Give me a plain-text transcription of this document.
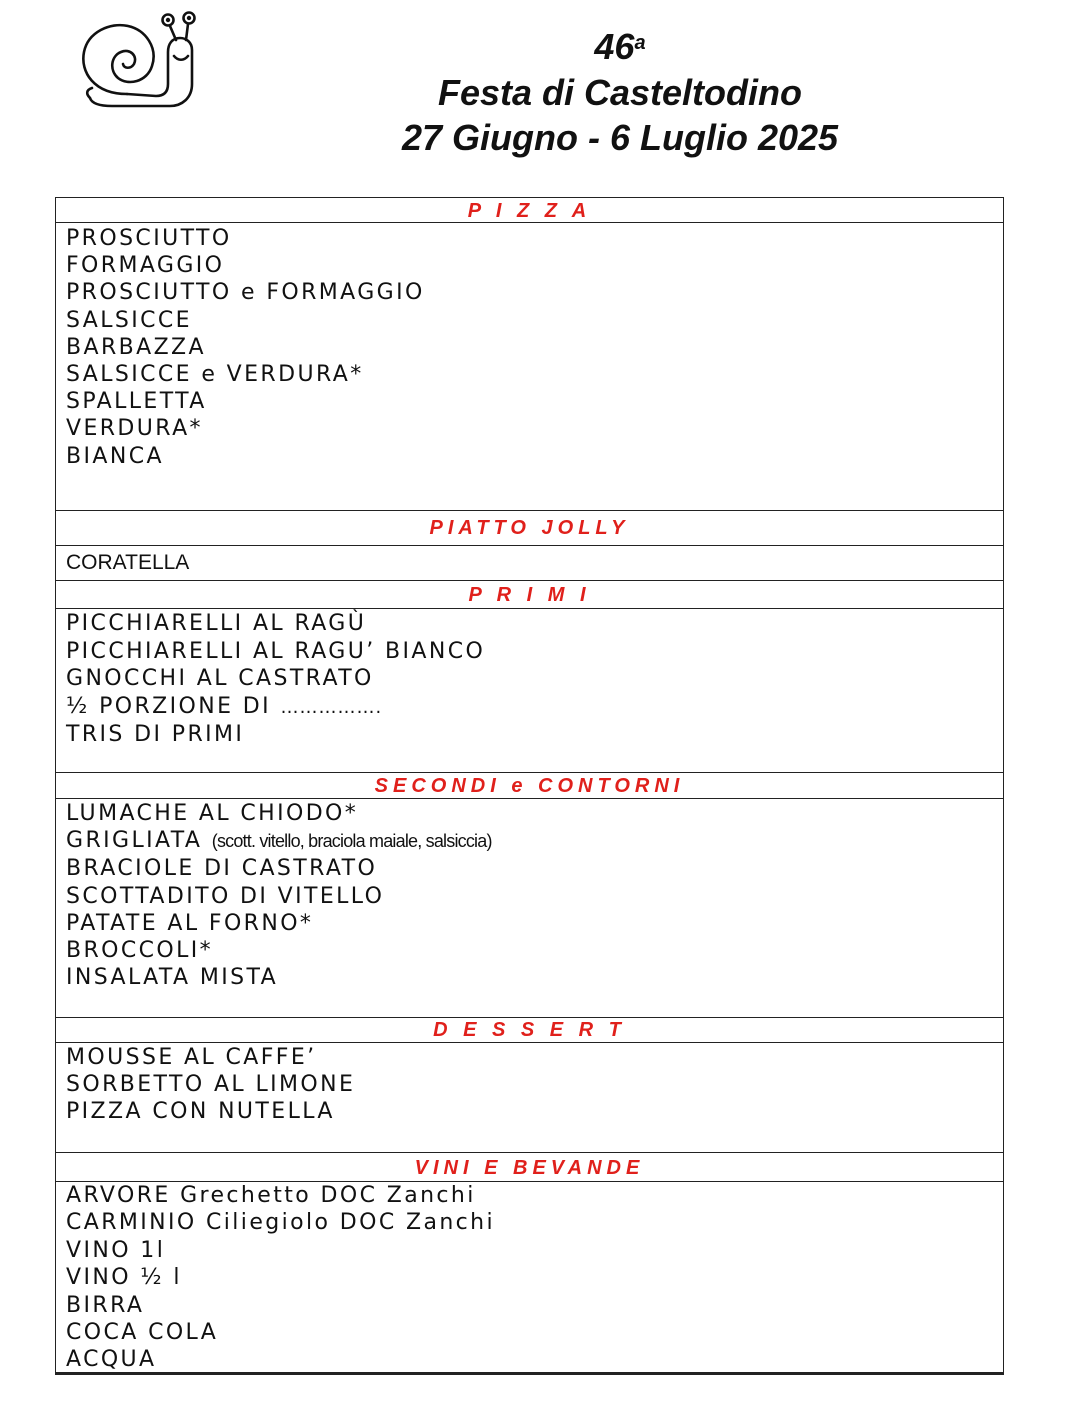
46$^a$
Festa di Casteltodino
27 Giugno - 6 Luglio 2025
P I Z Z A
PROSCIUTTO
FORMAGGIO
PROSCIUTTO e FORMAGGIO
SALSICCE
BARBAZZA
SALSICCE e VERDURA*
SPALLETTA
VERDURA*
BIANCA
PIATTO JOLLY
CORATELLA
P R I M I
PICCHIARELLI AL RAGÙ
PICCHIARELLI AL RAGU’ BIANCO
GNOCCHI AL CASTRATO
½ PORZIONE DI …………….
TRIS DI PRIMI
SECONDI e CONTORNI
LUMACHE AL CHIODO*
GRIGLIATA (scott. vitello, braciola maiale, salsiccia)
BRACIOLE DI CASTRATO
SCOTTADITO DI VITELLO
PATATE AL FORNO*
BROCCOLI*
INSALATA MISTA
D E S S E R T
MOUSSE AL CAFFE’
SORBETTO AL LIMONE
PIZZA CON NUTELLA
VINI E BEVANDE
ARVORE Grechetto DOC Zanchi
CARMINIO Ciliegiolo DOC Zanchi
VINO 1l
VINO ½ l
BIRRA
COCA COLA
ACQUA
